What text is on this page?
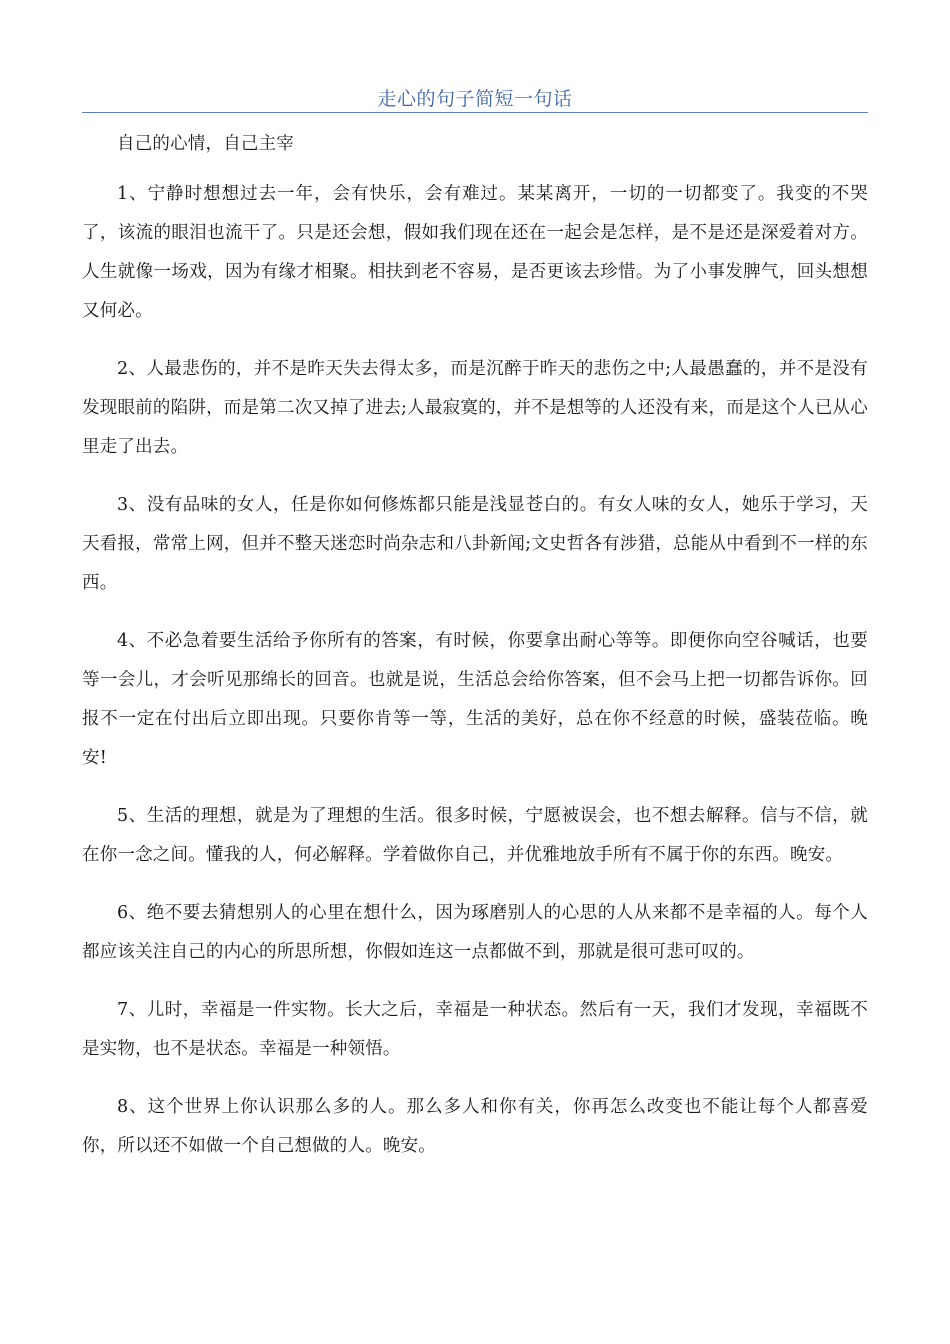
走心的句子简短一句话

自己的心情，自己主宰

1、宁静时想想过去一年，会有快乐，会有难过。某某离开，一切的一切都变了。我变的不哭了，该流的眼泪也流干了。只是还会想，假如我们现在还在一起会是怎样，是不是还是深爱着对方。人生就像一场戏，因为有缘才相聚。相扶到老不容易，是否更该去珍惜。为了小事发脾气，回头想想又何必。

2、人最悲伤的，并不是昨天失去得太多，而是沉醉于昨天的悲伤之中;人最愚蠢的，并不是没有发现眼前的陷阱，而是第二次又掉了进去;人最寂寞的，并不是想等的人还没有来，而是这个人已从心里走了出去。

3、没有品味的女人，任是你如何修炼都只能是浅显苍白的。有女人味的女人，她乐于学习，天天看报，常常上网，但并不整天迷恋时尚杂志和八卦新闻;文史哲各有涉猎，总能从中看到不一样的东西。

4、不必急着要生活给予你所有的答案，有时候，你要拿出耐心等等。即便你向空谷喊话，也要等一会儿，才会听见那绵长的回音。也就是说，生活总会给你答案，但不会马上把一切都告诉你。回报不一定在付出后立即出现。只要你肯等一等，生活的美好，总在你不经意的时候，盛装莅临。晚安!

5、生活的理想，就是为了理想的生活。很多时候，宁愿被误会，也不想去解释。信与不信，就在你一念之间。懂我的人，何必解释。学着做你自己，并优雅地放手所有不属于你的东西。晚安。

6、绝不要去猜想别人的心里在想什么，因为琢磨别人的心思的人从来都不是幸福的人。每个人都应该关注自己的内心的所思所想，你假如连这一点都做不到，那就是很可悲可叹的。

7、儿时，幸福是一件实物。长大之后，幸福是一种状态。然后有一天，我们才发现，幸福既不是实物，也不是状态。幸福是一种领悟。

8、这个世界上你认识那么多的人。那么多人和你有关，你再怎么改变也不能让每个人都喜爱你，所以还不如做一个自己想做的人。晚安。
